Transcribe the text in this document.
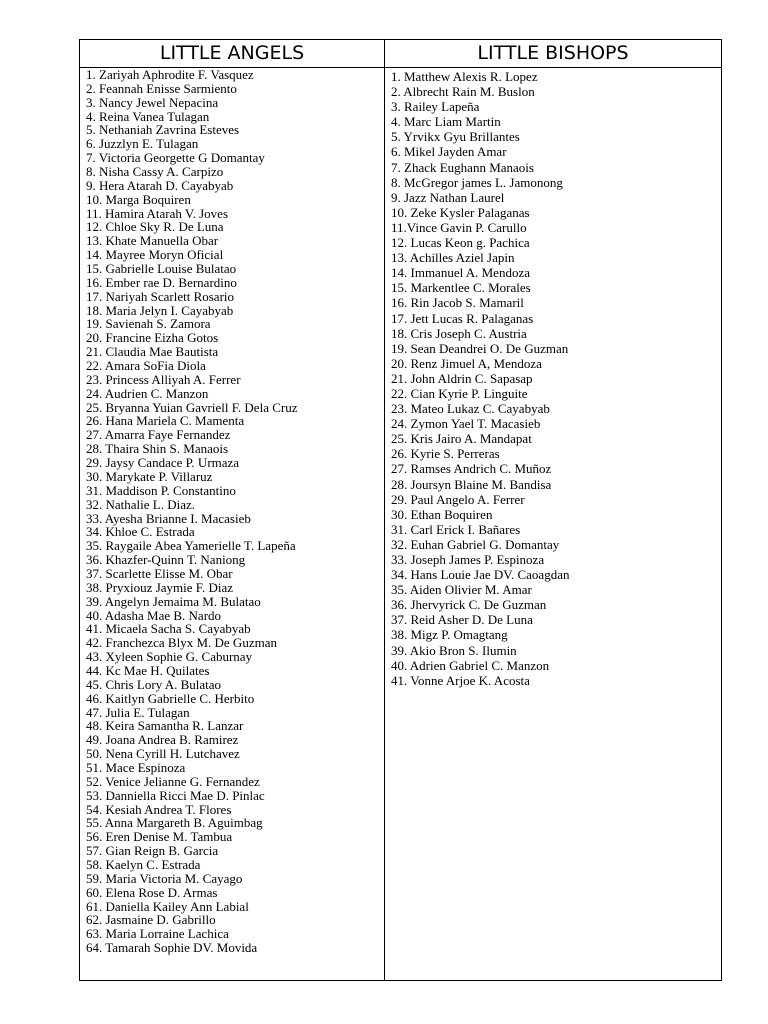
LITTLE ANGELS	LITTLE BISHOPS
1. Zariyah Aphrodite F. Vasquez
2. Feannah Enisse Sarmiento
3. Nancy Jewel Nepacina
4. Reina Vanea Tulagan
5. Nethaniah Zavrina Esteves
6. Juzzlyn E. Tulagan
7. Victoria Georgette G Domantay
8. Nisha Cassy A. Carpizo
9. Hera Atarah D. Cayabyab
10. Marga Boquiren
11. Hamira Atarah V. Joves
12. Chloe Sky R. De Luna
13. Khate Manuella Obar
14. Mayree Moryn Oficial
15. Gabrielle Louise Bulatao
16. Ember rae D. Bernardino
17. Nariyah Scarlett Rosario
18. Maria Jelyn I. Cayabyab
19. Savienah S. Zamora
20. Francine Eizha Gotos
21. Claudia Mae Bautista
22. Amara SoFia Diola
23. Princess Alliyah A. Ferrer
24. Audrien C. Manzon
25. Bryanna Yuian Gavriell F. Dela Cruz
26. Hana Mariela C. Mamenta
27. Amarra Faye Fernandez
28. Thaira Shin S. Manaois
29. Jaysy Candace P. Urmaza
30. Marykate P. Villaruz
31. Maddison P. Constantino
32. Nathalie L. Diaz.
33. Ayesha Brianne I. Macasieb
34. Khloe C. Estrada
35. Raygaile Abea Yamerielle T. Lapeña
36. Khazfer-Quinn T. Naniong
37. Scarlette Elisse M. Obar
38. Pryxiouz Jaymie F. Diaz
39. Angelyn Jemaima M. Bulatao
40. Adasha Mae B. Nardo
41. Micaela Sacha S. Cayabyab
42. Franchezca Blyx M. De Guzman
43. Xyleen Sophie G. Caburnay
44. Kc Mae H. Quilates
45. Chris Lory A. Bulatao
46. Kaitlyn Gabrielle C. Herbito
47. Julia E. Tulagan
48. Keira Samantha R. Lanzar
49. Joana Andrea B. Ramirez
50. Nena Cyrill H. Lutchavez
51. Mace Espinoza
52. Venice Jelianne G. Fernandez
53. Danniella Ricci Mae D. Pinlac
54. Kesiah Andrea T. Flores
55. Anna Margareth B. Aguimbag
56. Eren Denise M. Tambua
57. Gian Reign B. Garcia
58. Kaelyn C. Estrada
59. Maria Victoria M. Cayago
60. Elena Rose D. Armas
61. Daniella Kailey Ann Labial
62. Jasmaine D. Gabrillo
63. Maria Lorraine Lachica
64. Tamarah Sophie DV. Movida
1. Matthew Alexis R. Lopez
2. Albrecht Rain M. Buslon
3. Railey Lapeña
4. Marc Liam Martin
5. Yrvikx Gyu Brillantes
6. Mikel Jayden Amar
7. Zhack Eughann Manaois
8. McGregor james L. Jamonong
9. Jazz Nathan Laurel
10. Zeke Kysler Palaganas
11.Vince Gavin P. Carullo
12. Lucas Keon g. Pachica
13. Achilles Aziel Japin
14. Immanuel A. Mendoza
15. Markentlee C. Morales
16. Rin Jacob S. Mamaril
17. Jett Lucas R. Palaganas
18. Cris Joseph C. Austria
19. Sean Deandrei O. De Guzman
20. Renz Jimuel A, Mendoza
21. John Aldrin C. Sapasap
22. Cian Kyrie P. Linguite
23. Mateo Lukaz C. Cayabyab
24. Zymon Yael T. Macasieb
25. Kris Jairo A. Mandapat
26. Kyrie S. Perreras
27. Ramses Andrich C. Muñoz
28. Joursyn Blaine M. Bandisa
29. Paul Angelo A. Ferrer
30. Ethan Boquiren
31. Carl Erick I. Bañares
32. Euhan Gabriel G. Domantay
33. Joseph James P. Espinoza
34. Hans Louie Jae DV. Caoagdan
35. Aiden Olivier M. Amar
36. Jhervyrick C. De Guzman
37. Reid Asher D. De Luna
38. Migz P. Omagtang
39. Akio Bron S. Ilumin
40. Adrien Gabriel C. Manzon
41. Vonne Arjoe K. Acosta
